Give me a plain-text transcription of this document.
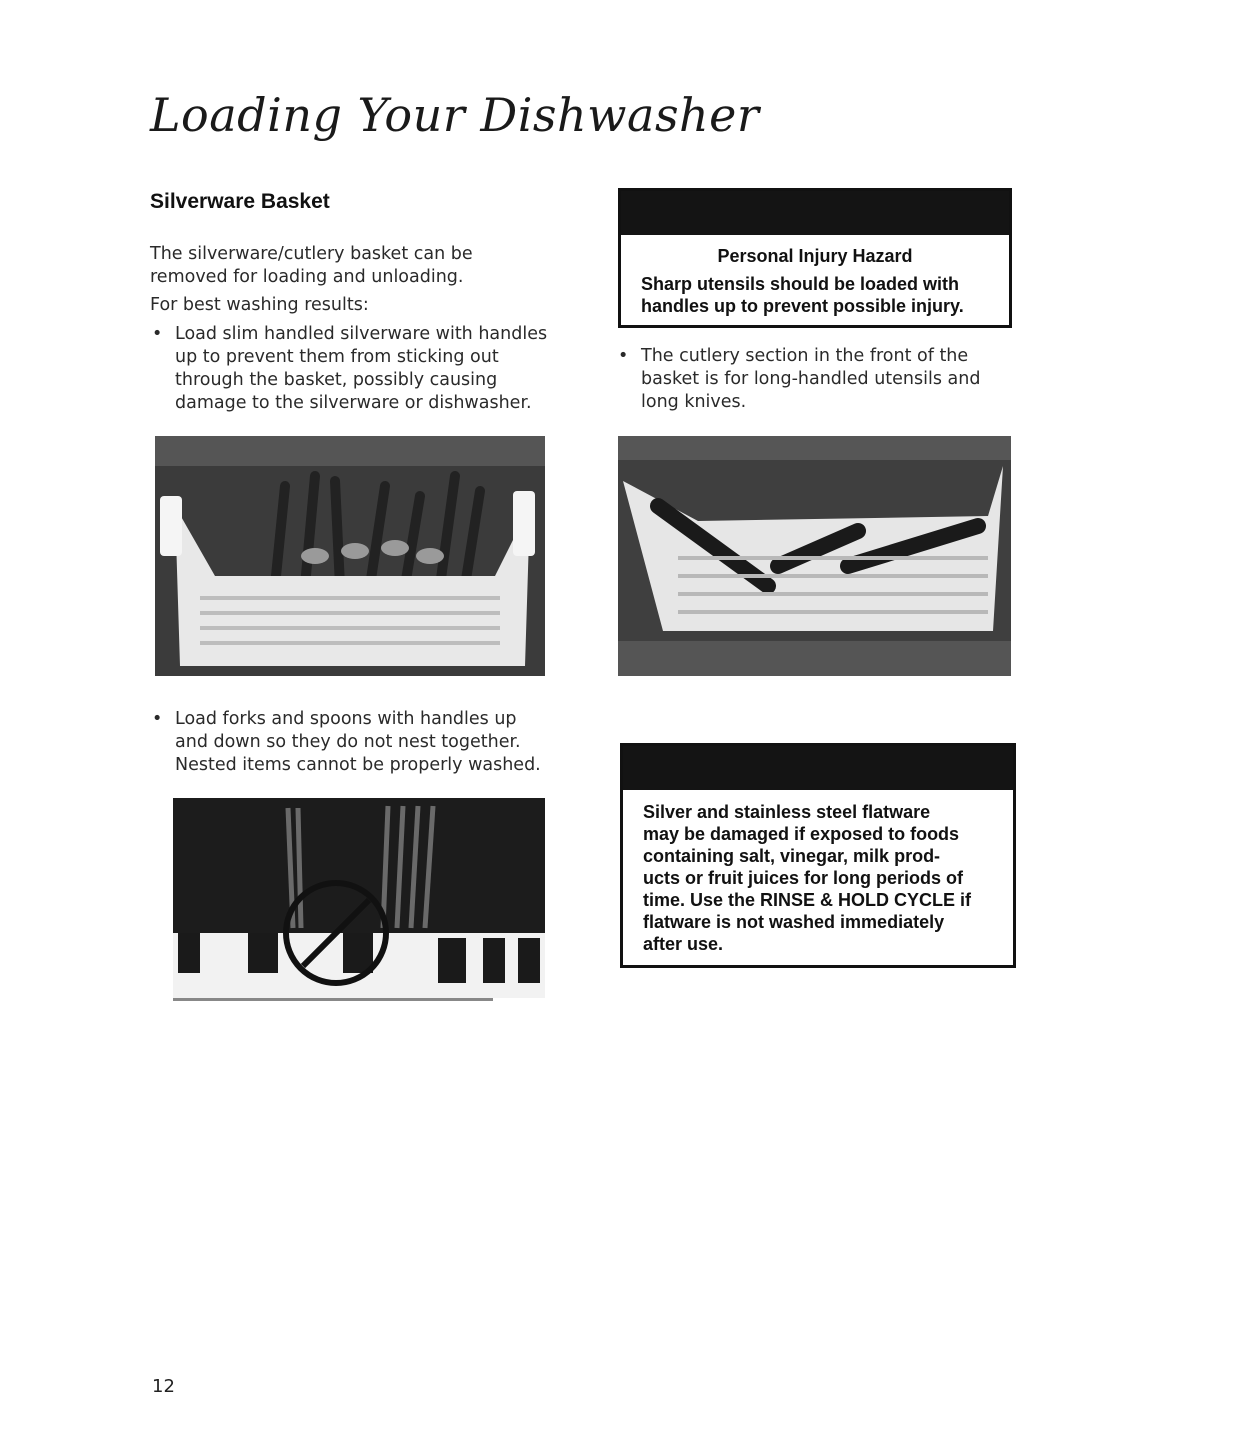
Loading Your Dishwasher
Silverware Basket

The silverware/cutlery basket can be

removed for loading and unloading.

For best washing results:

• Load slim handled silverware with handles
up to prevent them from sticking out
through the basket, possibly causing
damage to the silverware or dishwasher.
• Load forks and spoons with handles up
and down so they do not nest together.
Nested items cannot be properly washed.
Personal Injury Hazard
Sharp utensils should be loaded with
handles up to prevent possible injury.
• The cutlery section in the front of the
basket is for long-handled utensils and
long knives.
Silver and stainless steel flatware
may be damaged if exposed to foods
containing salt, vinegar, milk prod-
ucts or fruit juices for long periods of
time. Use the RINSE & HOLD CYCLE if
flatware is not washed immediately
after use.
12
